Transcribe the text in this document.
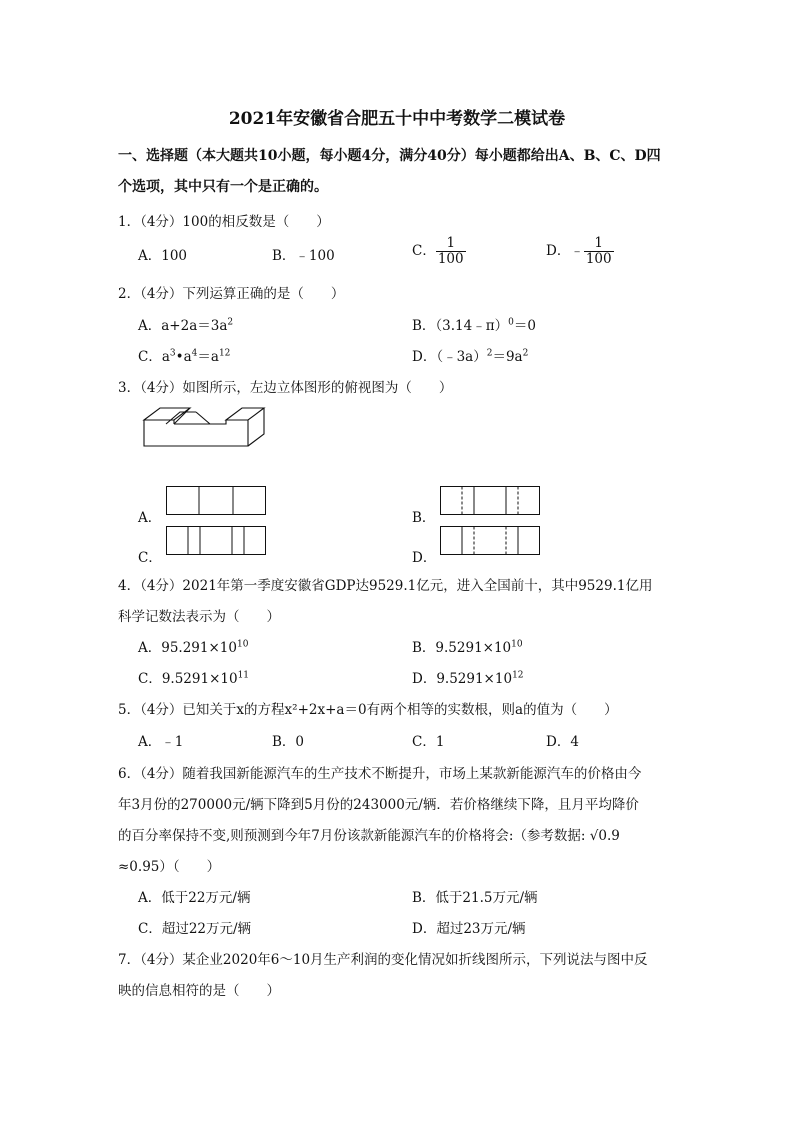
2021年安徽省合肥五十中中考数学二模试卷
一、选择题（本大题共10小题，每小题4分，满分40分）每小题都给出A、B、C、D四
个选项，其中只有一个是正确的。
1．（4分）100的相反数是（　　）
A．100	B．﹣100	C． $\frac{1}{100}$	D．﹣ $\frac{1}{100}$
2．（4分）下列运算正确的是（　　）
A．$a+2a=3a^2$	B．（3.14﹣π）$^0$＝0
C．$a^3•a^4=a^{12}$	D．$(﹣3a)^2=9a^2$
3．（4分）如图所示，左边立体图形的俯视图为（　　）
A．	B．
C．	D．
4．（4分）2021年第一季度安徽省GDP达9529.1亿元，进入全国前十，其中9529.1亿用
科学记数法表示为（　　）
A．$95.291\times 10^{10}$	B．$9.5291\times 10^{10}$
C．$9.5291\times 10^{11}$	D．$9.5291\times 10^{12}$
5．（4分）已知关于x的方程x²+2x+a＝0有两个相等的实数根，则a的值为（　　）
A．﹣1	B．0	C．1	D．4
6．（4分）随着我国新能源汽车的生产技术不断提升，市场上某款新能源汽车的价格由今
年3月份的270000元/辆下降到5月份的243000元/辆．若价格继续下降，且月平均降价
的百分率保持不变,则预测到今年7月份该款新能源汽车的价格将会:（参考数据: √0.9
≈0.95）（　　）
A．低于22万元/辆	B．低于21.5万元/辆
C．超过22万元/辆	D．超过23万元/辆
7．（4分）某企业2020年6～10月生产利润的变化情况如折线图所示，下列说法与图中反
映的信息相符的是（　　）
